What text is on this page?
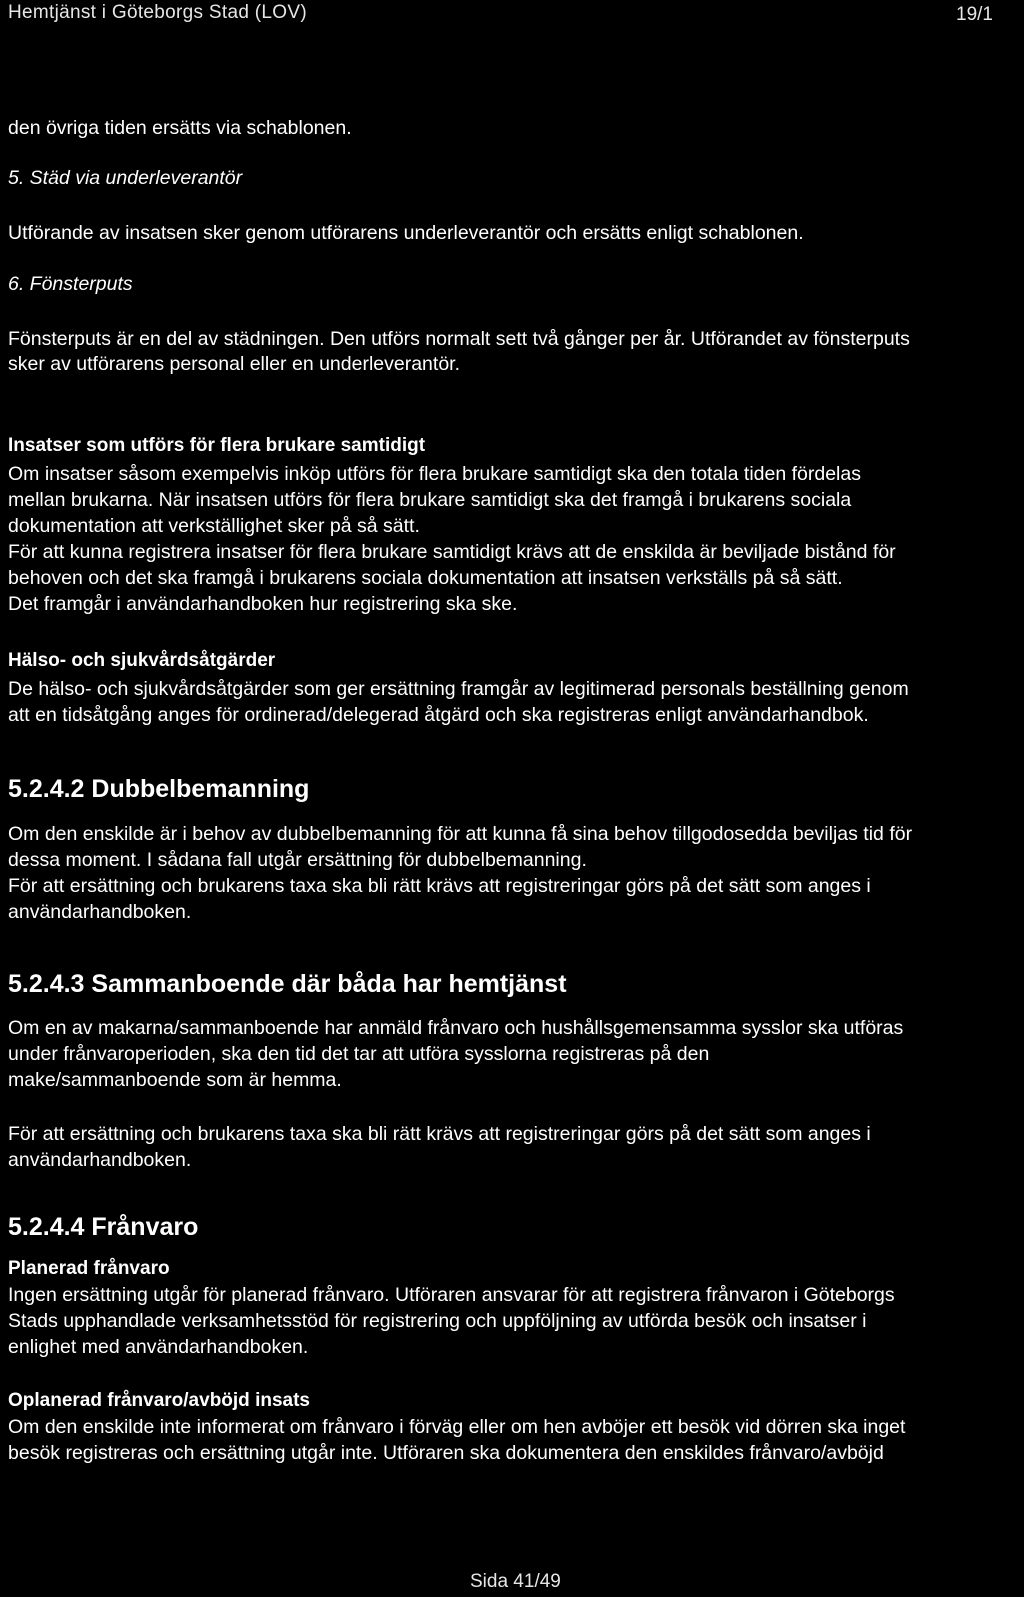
Hemtjänst i Göteborgs Stad (LOV)	19/1
den övriga tiden ersätts via schablonen.
5. Städ via underleverantör
Utförande av insatsen sker genom utförarens underleverantör och ersätts enligt schablonen.
6. Fönsterputs
Fönsterputs är en del av städningen. Den utförs normalt sett två gånger per år. Utförandet av fönsterputs
sker av utförarens personal eller en underleverantör.
Insatser som utförs för flera brukare samtidigt
Om insatser såsom exempelvis inköp utförs för flera brukare samtidigt ska den totala tiden fördelas
mellan brukarna. När insatsen utförs för flera brukare samtidigt ska det framgå i brukarens sociala
dokumentation att verkställighet sker på så sätt.
För att kunna registrera insatser för flera brukare samtidigt krävs att de enskilda är beviljade bistånd för
behoven och det ska framgå i brukarens sociala dokumentation att insatsen verkställs på så sätt.
Det framgår i användarhandboken hur registrering ska ske.
Hälso- och sjukvårdsåtgärder
De hälso- och sjukvårdsåtgärder som ger ersättning framgår av legitimerad personals beställning genom
att en tidsåtgång anges för ordinerad/delegerad åtgärd och ska registreras enligt användarhandbok.
5.2.4.2 Dubbelbemanning
Om den enskilde är i behov av dubbelbemanning för att kunna få sina behov tillgodosedda beviljas tid för
dessa moment. I sådana fall utgår ersättning för dubbelbemanning.
För att ersättning och brukarens taxa ska bli rätt krävs att registreringar görs på det sätt som anges i
användarhandboken.
5.2.4.3 Sammanboende där båda har hemtjänst
Om en av makarna/sammanboende har anmäld frånvaro och hushållsgemensamma sysslor ska utföras
under frånvaroperioden, ska den tid det tar att utföra sysslorna registreras på den
make/sammanboende som är hemma.
För att ersättning och brukarens taxa ska bli rätt krävs att registreringar görs på det sätt som anges i
användarhandboken.
5.2.4.4 Frånvaro
Planerad frånvaro
Ingen ersättning utgår för planerad frånvaro. Utföraren ansvarar för att registrera frånvaron i Göteborgs
Stads upphandlade verksamhetsstöd för registrering och uppföljning av utförda besök och insatser i
enlighet med användarhandboken.
Oplanerad frånvaro/avböjd insats
Om den enskilde inte informerat om frånvaro i förväg eller om hen avböjer ett besök vid dörren ska inget
besök registreras och ersättning utgår inte. Utföraren ska dokumentera den enskildes frånvaro/avböjd
Sida 41/49
